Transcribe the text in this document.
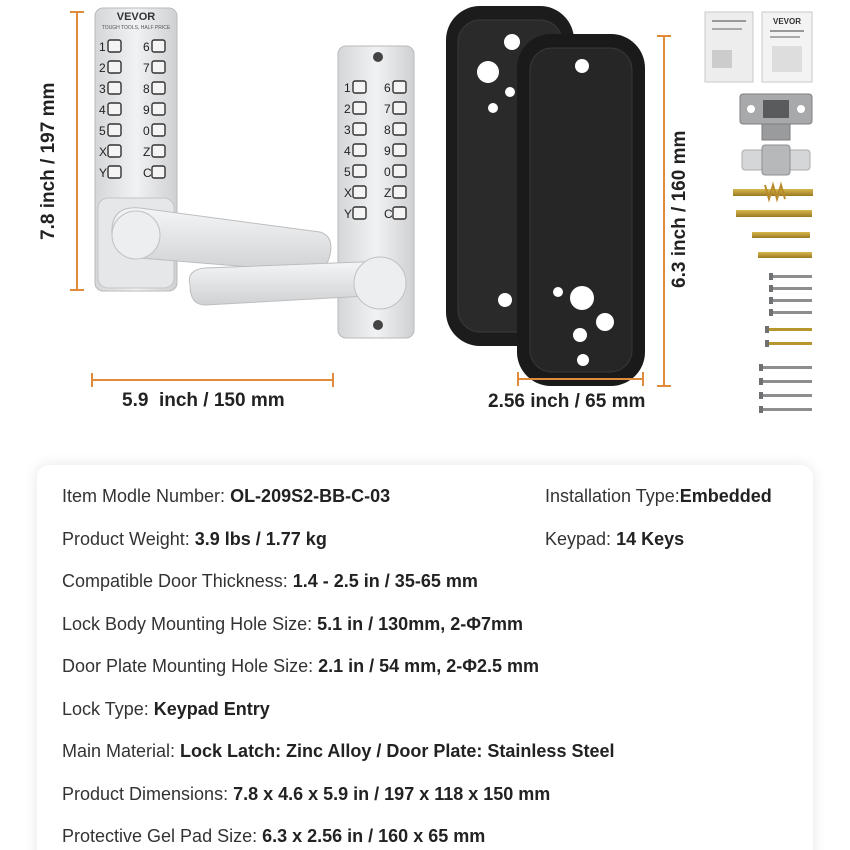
1	6
2	7
3	8
4	9
5	0
X	Z
Y	C
1	6
2	7
3	8
4	9
5	0
X	Z
Y	C
VEVOR
7.8 inch / 197 mm
5.9  inch / 150 mm
6.3 inch / 160 mm
2.56 inch / 65 mm
VEVOR
TOUGH TOOLS, HALF PRICE
Item Modle Number: OL-209S2-BB-C-03	Installation Type:Embedded
Product Weight: 3.9 lbs / 1.77 kg	Keypad: 14 Keys
Compatible Door Thickness: 1.4 - 2.5 in / 35-65 mm
Lock Body Mounting Hole Size: 5.1 in / 130mm, 2-Φ7mm
Door Plate Mounting Hole Size: 2.1 in / 54 mm, 2-Φ2.5 mm
Lock Type: Keypad Entry
Main Material: Lock Latch: Zinc Alloy / Door Plate: Stainless Steel
Product Dimensions: 7.8 x 4.6 x 5.9 in / 197 x 118 x 150 mm
Protective Gel Pad Size: 6.3 x 2.56 in / 160 x 65 mm
